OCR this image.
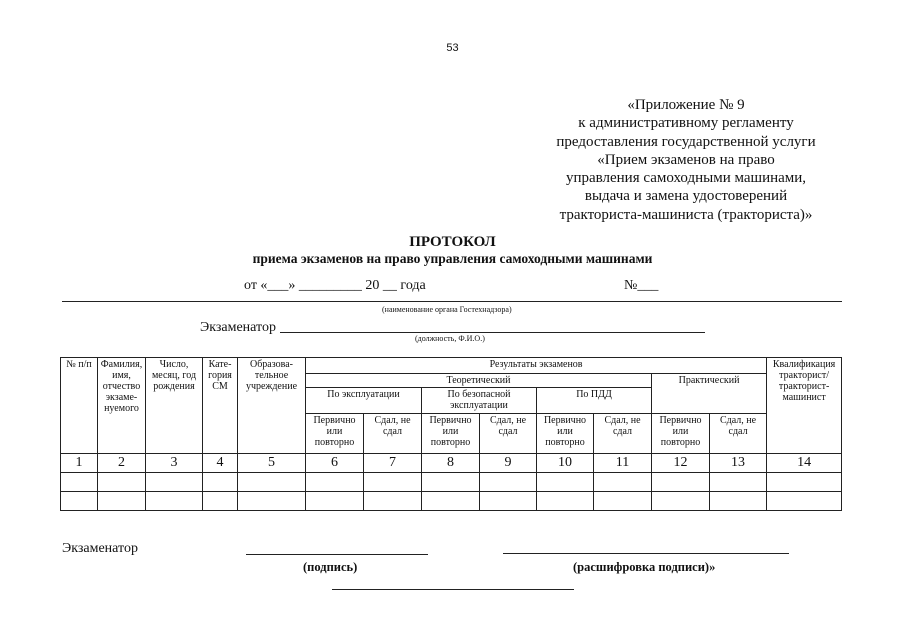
53
«Приложение № 9
к административному регламенту
предоставления государственной услуги
«Прием экзаменов на право
управления самоходными машинами,
выдача и замена удостоверений
тракториста-машиниста (тракториста)»
ПРОТОКОЛ
приема экзаменов на право управления самоходными машинами
от «___» _________ 20 __ года	№___
(наименование органа Гостехнадзора)
Экзаменатор
(должность, Ф.И.О.)
№ п/п	Фамилия, имя, отчество экзаме-нуемого	Число, месяц, год рождения	Кате-гория СМ	Образова-тельное учреждение	Результаты экзаменов								Квалификация тракторист/ тракторист-машинист
					Теоретический						Практический		
					По эксплуатации		По безопасной эксплуатации		По ПДД				
					Первично или повторно	Сдал, не сдал	Первично или повторно	Сдал, не сдал	Первично или повторно	Сдал, не сдал	Первично или повторно	Сдал, не сдал	
1	2	3	4	5	6	7	8	9	10	11	12	13	14

Экзаменатор
(подпись)	(расшифровка подписи)»
